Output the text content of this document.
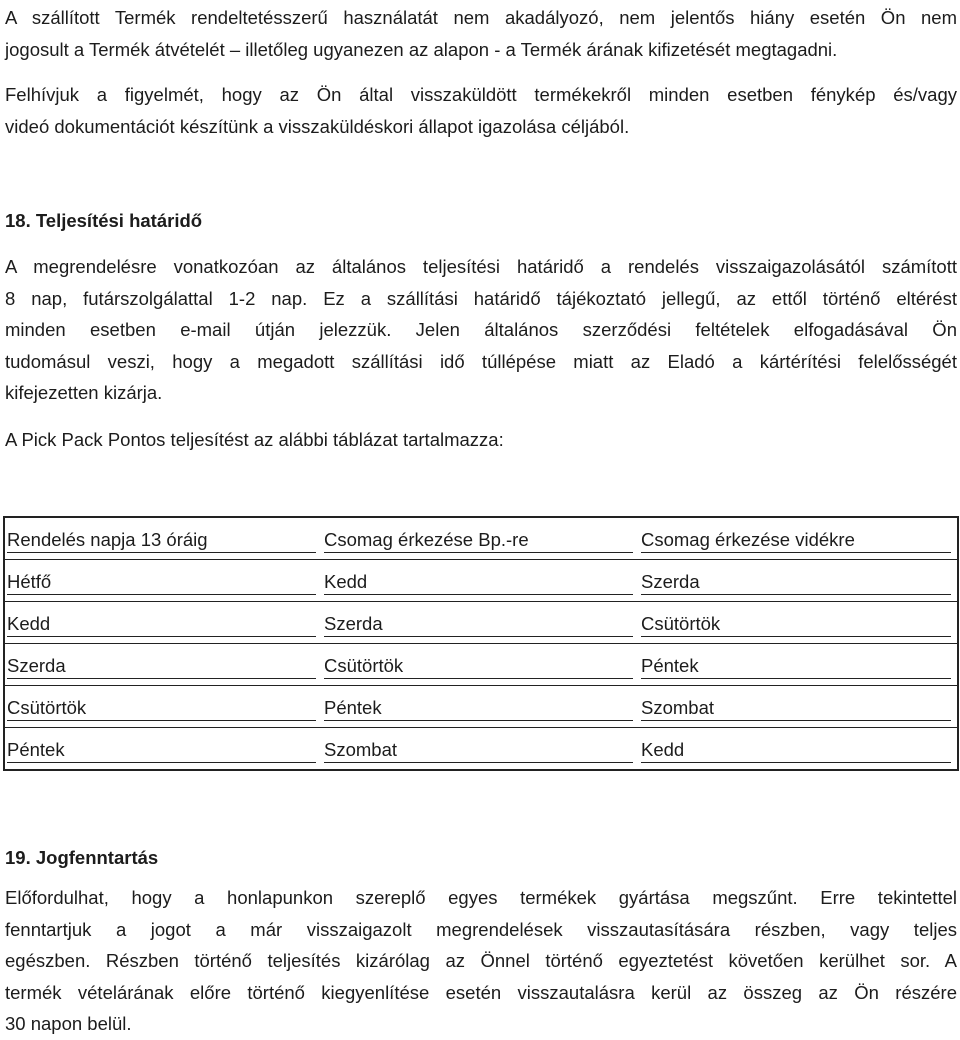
A szállított Termék rendeltetésszerű használatát nem akadályozó, nem jelentős hiány esetén Ön nem
jogosult a Termék átvételét – illetőleg ugyanezen az alapon - a Termék árának kifizetését megtagadni.
Felhívjuk a figyelmét, hogy az Ön által visszaküldött termékekről minden esetben fénykép és/vagy
videó dokumentációt készítünk a visszaküldéskori állapot igazolása céljából.
18. Teljesítési határidő
A megrendelésre vonatkozóan az általános teljesítési határidő a rendelés visszaigazolásától számított
8 nap, futárszolgálattal 1-2 nap. Ez a szállítási határidő tájékoztató jellegű, az ettől történő eltérést
minden esetben e-mail útján jelezzük. Jelen általános szerződési feltételek elfogadásával Ön
tudomásul veszi, hogy a megadott szállítási idő túllépése miatt az Eladó a kártérítési felelősségét
kifejezetten kizárja.
A Pick Pack Pontos teljesítést az alábbi táblázat tartalmazza:
Rendelés napja 13 óráig	Csomag érkezése Bp.-re	Csomag érkezése vidékre
Hétfő	Kedd	Szerda
Kedd	Szerda	Csütörtök
Szerda	Csütörtök	Péntek
Csütörtök	Péntek	Szombat
Péntek	Szombat	Kedd
19. Jogfenntartás
Előfordulhat, hogy a honlapunkon szereplő egyes termékek gyártása megszűnt. Erre tekintettel
fenntartjuk a jogot a már visszaigazolt megrendelések visszautasítására részben, vagy teljes
egészben. Részben történő teljesítés kizárólag az Önnel történő egyeztetést követően kerülhet sor. A
termék vételárának előre történő kiegyenlítése esetén visszautalásra kerül az összeg az Ön részére
30 napon belül.
